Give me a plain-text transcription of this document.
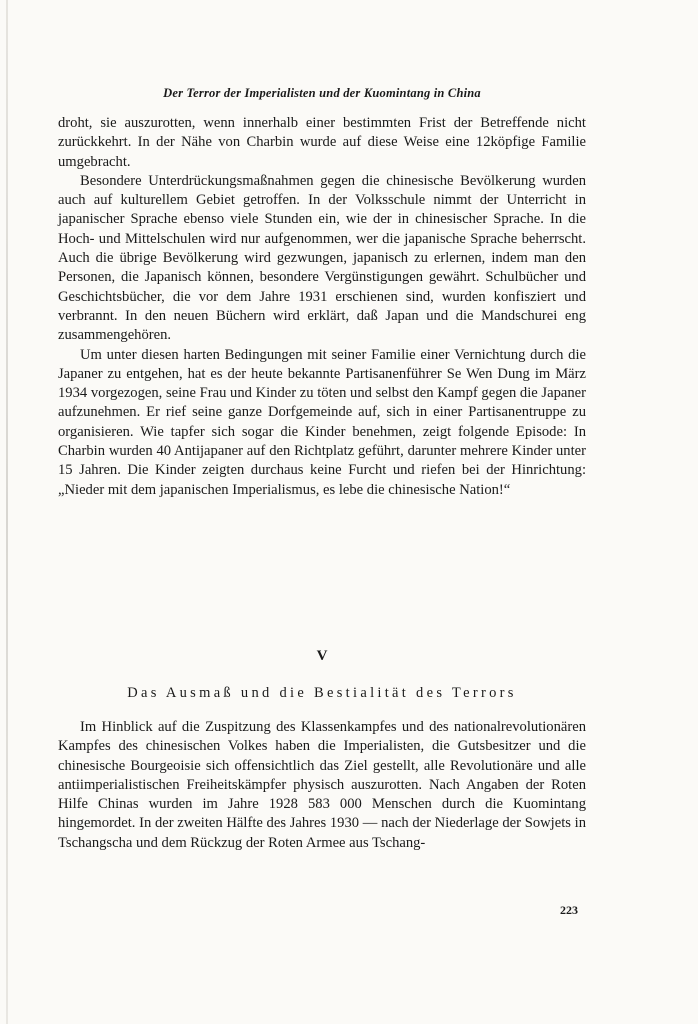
Der Terror der Imperialisten und der Kuomintang in China

droht, sie auszurotten, wenn innerhalb einer bestimmten Frist der Betreffende nicht zurückkehrt. In der Nähe von Charbin wurde auf diese Weise eine 12köpfige Familie umgebracht.

Besondere Unterdrückungsmaßnahmen gegen die chinesische Bevölkerung wurden auch auf kulturellem Gebiet getroffen. In der Volksschule nimmt der Unterricht in japanischer Sprache ebenso viele Stunden ein, wie der in chinesischer Sprache. In die Hoch- und Mittelschulen wird nur aufgenommen, wer die japanische Sprache beherrscht. Auch die übrige Bevölkerung wird gezwungen, japanisch zu erlernen, indem man den Personen, die Japanisch können, besondere Vergünstigungen gewährt. Schulbücher und Geschichtsbücher, die vor dem Jahre 1931 erschienen sind, wurden konfisziert und verbrannt. In den neuen Büchern wird erklärt, daß Japan und die Mandschurei eng zusammengehören.

Um unter diesen harten Bedingungen mit seiner Familie einer Vernichtung durch die Japaner zu entgehen, hat es der heute bekannte Partisanenführer Se Wen Dung im März 1934 vorgezogen, seine Frau und Kinder zu töten und selbst den Kampf gegen die Japaner aufzunehmen. Er rief seine ganze Dorfgemeinde auf, sich in einer Partisanentruppe zu organisieren. Wie tapfer sich sogar die Kinder benehmen, zeigt folgende Episode: In Charbin wurden 40 Antijapaner auf den Richtplatz geführt, darunter mehrere Kinder unter 15 Jahren. Die Kinder zeigten durchaus keine Furcht und riefen bei der Hinrichtung: „Nieder mit dem japanischen Imperialismus, es lebe die chinesische Nation!“

V
Das Ausmaß und die Bestialität des Terrors

Im Hinblick auf die Zuspitzung des Klassenkampfes und des nationalrevolutionären Kampfes des chinesischen Volkes haben die Imperialisten, die Gutsbesitzer und die chinesische Bourgeoisie sich offensichtlich das Ziel gestellt, alle Revolutionäre und alle antiimperialistischen Freiheitskämpfer physisch auszurotten. Nach Angaben der Roten Hilfe Chinas wurden im Jahre 1928 583 000 Menschen durch die Kuomintang hingemordet. In der zweiten Hälfte des Jahres 1930 — nach der Niederlage der Sowjets in Tschangscha und dem Rückzug der Roten Armee aus Tschang-

223
